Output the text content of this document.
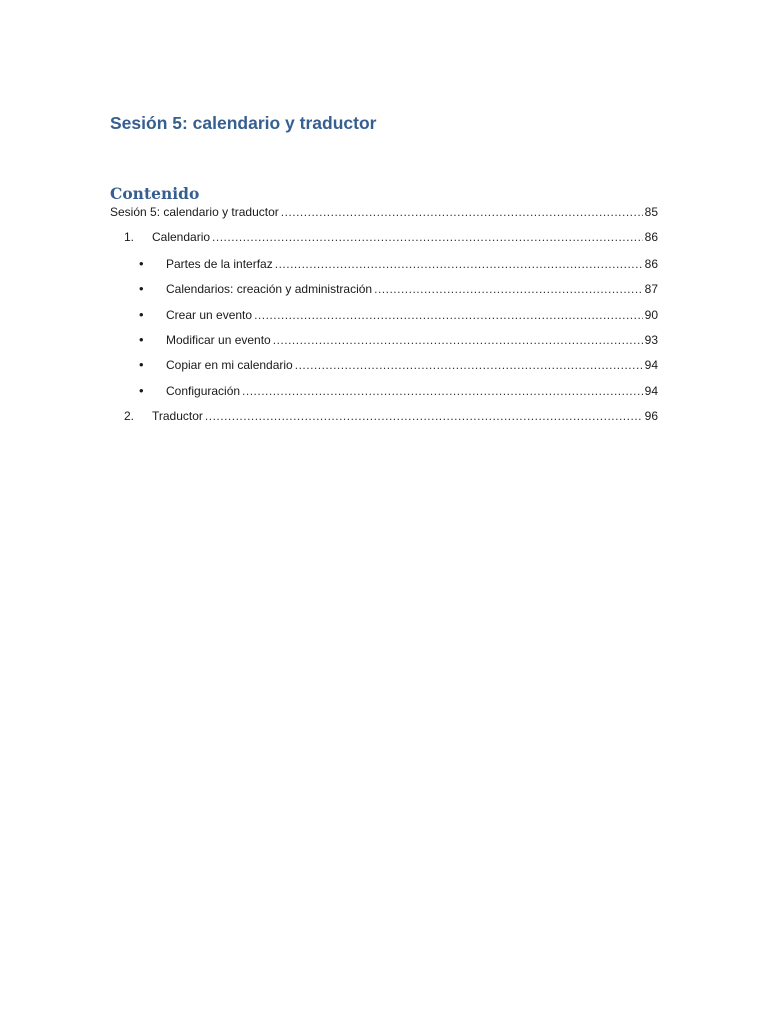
Sesión 5: calendario y traductor
Contenido
Sesión 5: calendario y traductor .....	85
1.	Calendario .....	86
•	Partes de la interfaz .....	86
•	Calendarios: creación y administración .....	87
•	Crear un evento .....	90
•	Modificar un evento .....	93
•	Copiar en mi calendario .....	94
•	Configuración .....	94
2.	Traductor .....	96
